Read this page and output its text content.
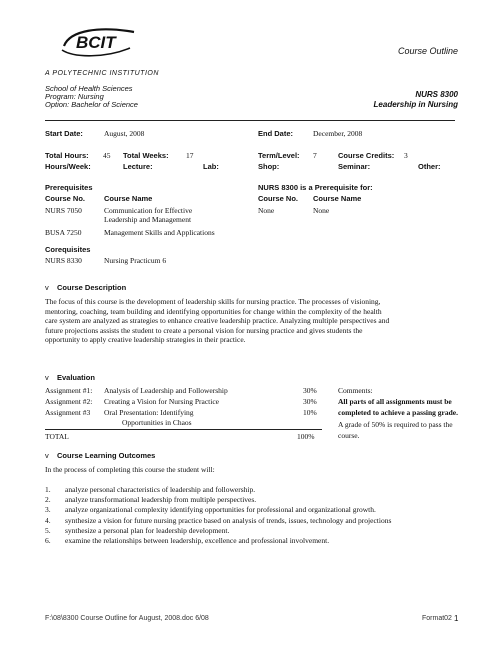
BCIT
A POLYTECHNIC INSTITUTION
Course Outline
School of Health Sciences
Program: Nursing
Option: Bachelor of Science
NURS 8300
Leadership in Nursing
Start Date:	August, 2008	End Date:	December, 2008
Total Hours: 45 Total Weeks: 17	Term/Level: 7	Course Credits: 3
Hours/Week:	Lecture:	Lab:	Shop:	Seminar:	Other:
Prerequisites
Course No.	Course Name
NURS 7050	Communication for Effective
Leadership and Management
BUSA 7250	Management Skills and Applications
NURS 8300 is a Prerequisite for:
Course No. Course Name
None	None
Corequisites
NURS 8330	Nursing Practicum 6
v Course Description
The focus of this course is the development of leadership skills for nursing practice. The processes of visioning,
mentoring, coaching, team building and identifying opportunities for change within the complexity of the health
care system are analyzed as strategies to enhance creative leadership practice. Analyzing multiple perspectives and
future projections assists the student to create a personal vision for nursing practice and gives students the
opportunity to apply creative leadership strategies in their practice.
v Evaluation
Assignment #1: Analysis of Leadership and Followership	30%
Assignment #2: Creating a Vision for Nursing Practice	30%
Assignment #3 Oral Presentation: Identifying	10%
Opportunities in Chaos
TOTAL	100%
Comments:
All parts of all assignments must be
completed to achieve a passing grade.
A grade of 50% is required to pass the
course.
v Course Learning Outcomes
In the process of completing this course the student will:
1. analyze personal characteristics of leadership and followership.
2. analyze transformational leadership from multiple perspectives.
3. analyze organizational complexity identifying opportunities for professional and organizational growth.
4. synthesize a vision for future nursing practice based on analysis of trends, issues, technology and projections
5. synthesize a personal plan for leadership development.
6. examine the relationships between leadership, excellence and professional involvement.
F:\08\8300 Course Outline for August, 2008.doc 6/08	Format02 1
